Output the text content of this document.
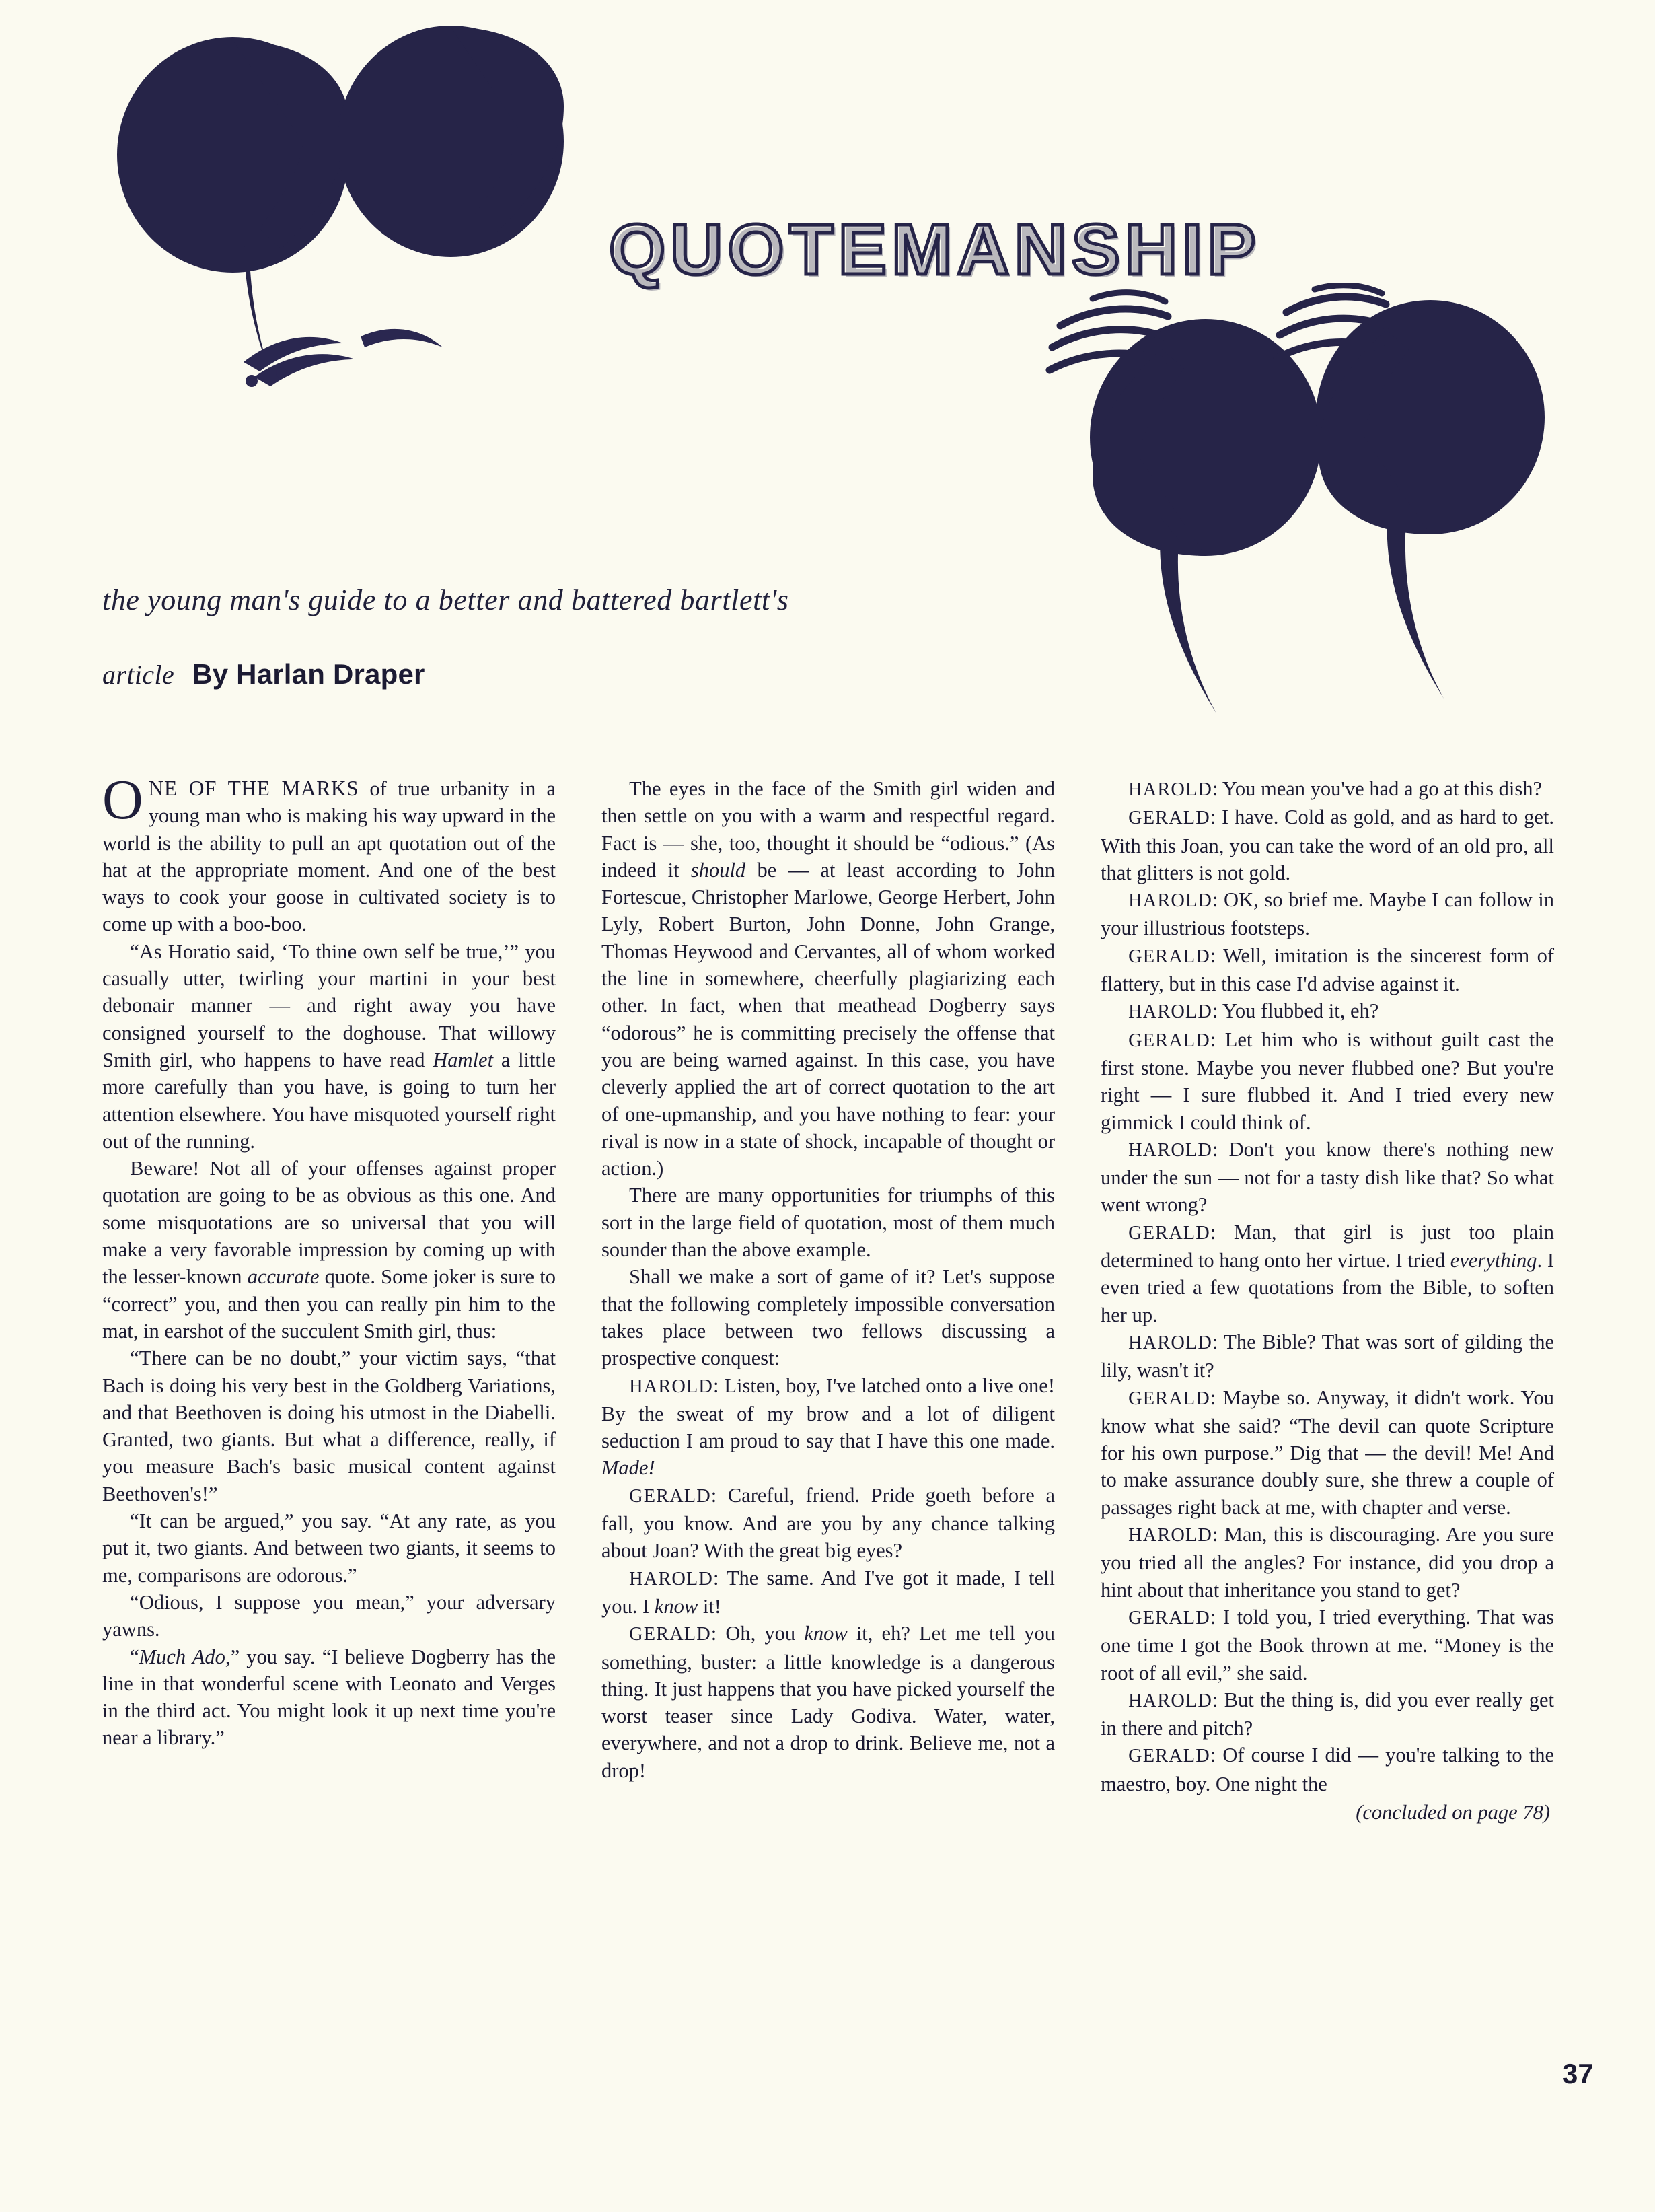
QUOTEMANSHIP
the young man's guide to a better and battered bartlett's
article By Harlan Draper

ONE OF THE MARKS of true urbanity in a young man who is making his way upward in the world is the ability to pull an apt quotation out of the hat at the appropriate moment. And one of the best ways to cook your goose in cultivated society is to come up with a boo-boo.

“As Horatio said, ‘To thine own self be true,’” you casually utter, twirling your martini in your best debonair manner — and right away you have consigned yourself to the doghouse. That willowy Smith girl, who happens to have read Hamlet a little more carefully than you have, is going to turn her attention elsewhere. You have misquoted yourself right out of the running.

Beware! Not all of your offenses against proper quotation are going to be as obvious as this one. And some misquotations are so universal that you will make a very favorable impression by coming up with the lesser-known accurate quote. Some joker is sure to “correct” you, and then you can really pin him to the mat, in earshot of the succulent Smith girl, thus:

“There can be no doubt,” your victim says, “that Bach is doing his very best in the Goldberg Variations, and that Beethoven is doing his utmost in the Diabelli. Granted, two giants. But what a difference, really, if you measure Bach's basic musical content against Beethoven's!”

“It can be argued,” you say. “At any rate, as you put it, two giants. And between two giants, it seems to me, comparisons are odorous.”

“Odious, I suppose you mean,” your adversary yawns.

“Much Ado,” you say. “I believe Dogberry has the line in that wonderful scene with Leonato and Verges in the third act. You might look it up next time you're near a library.”

The eyes in the face of the Smith girl widen and then settle on you with a warm and respectful regard. Fact is — she, too, thought it should be “odious.” (As indeed it should be — at least according to John Fortescue, Christopher Marlowe, George Herbert, John Lyly, Robert Burton, John Donne, John Grange, Thomas Heywood and Cervantes, all of whom worked the line in somewhere, cheerfully plagiarizing each other. In fact, when that meathead Dogberry says “odorous” he is committing precisely the offense that you are being warned against. In this case, you have cleverly applied the art of correct quotation to the art of one-upmanship, and you have nothing to fear: your rival is now in a state of shock, incapable of thought or action.)

There are many opportunities for triumphs of this sort in the large field of quotation, most of them much sounder than the above example.

Shall we make a sort of game of it? Let's suppose that the following completely impossible conversation takes place between two fellows discussing a prospective conquest:

HAROLD: Listen, boy, I've latched onto a live one! By the sweat of my brow and a lot of diligent seduction I am proud to say that I have this one made. Made!

GERALD: Careful, friend. Pride goeth before a fall, you know. And are you by any chance talking about Joan? With the great big eyes?

HAROLD: The same. And I've got it made, I tell you. I know it!

GERALD: Oh, you know it, eh? Let me tell you something, buster: a little knowledge is a dangerous thing. It just happens that you have picked yourself the worst teaser since Lady Godiva. Water, water, everywhere, and not a drop to drink. Believe me, not a drop!

HAROLD: You mean you've had a go at this dish?

GERALD: I have. Cold as gold, and as hard to get. With this Joan, you can take the word of an old pro, all that glitters is not gold.

HAROLD: OK, so brief me. Maybe I can follow in your illustrious footsteps.

GERALD: Well, imitation is the sincerest form of flattery, but in this case I'd advise against it.

HAROLD: You flubbed it, eh?

GERALD: Let him who is without guilt cast the first stone. Maybe you never flubbed one? But you're right — I sure flubbed it. And I tried every new gimmick I could think of.

HAROLD: Don't you know there's nothing new under the sun — not for a tasty dish like that? So what went wrong?

GERALD: Man, that girl is just too plain determined to hang onto her virtue. I tried everything. I even tried a few quotations from the Bible, to soften her up.

HAROLD: The Bible? That was sort of gilding the lily, wasn't it?

GERALD: Maybe so. Anyway, it didn't work. You know what she said? “The devil can quote Scripture for his own purpose.” Dig that — the devil! Me! And to make assurance doubly sure, she threw a couple of passages right back at me, with chapter and verse.

HAROLD: Man, this is discouraging. Are you sure you tried all the angles? For instance, did you drop a hint about that inheritance you stand to get?

GERALD: I told you, I tried everything. That was one time I got the Book thrown at me. “Money is the root of all evil,” she said.

HAROLD: But the thing is, did you ever really get in there and pitch?

GERALD: Of course I did — you're talking to the maestro, boy. One night the
(concluded on page 78)

37
